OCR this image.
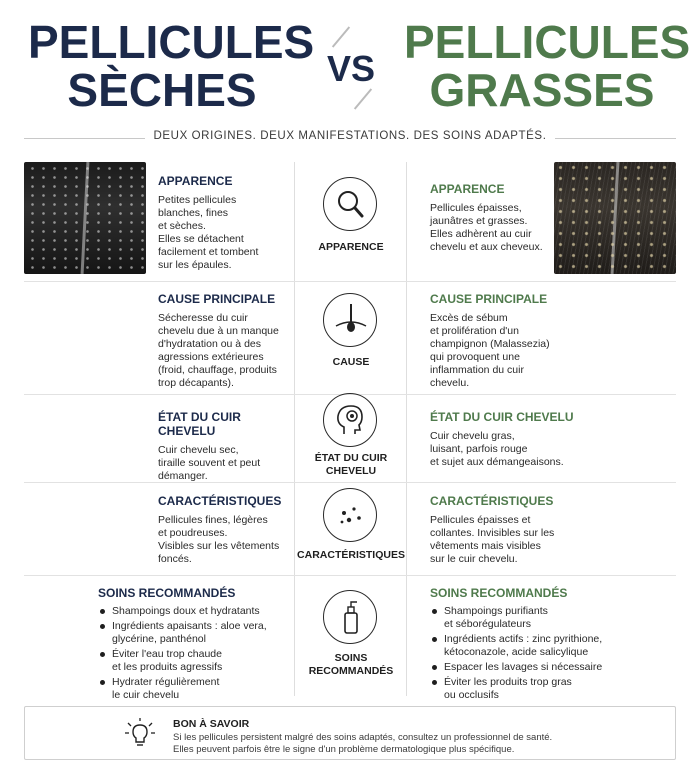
PELLICULES
SÈCHES	VS
PELLICULES
GRASSES
DEUX ORIGINES. DEUX MANIFESTATIONS. DES SOINS ADAPTÉS.
APPARENCE
Petites pellicules
blanches, fines
et sèches.
Elles se détachent
facilement et tombent
sur les épaules.
APPARENCE
APPARENCE
Pellicules épaisses,
jaunâtres et grasses.
Elles adhèrent au cuir
chevelu et aux cheveux.
CAUSE PRINCIPALE
Sécheresse du cuir
chevelu due à un manque
d'hydratation ou à des
agressions extérieures
(froid, chauffage, produits
trop décapants).
CAUSE
CAUSE PRINCIPALE
Excès de sébum
et prolifération d'un
champignon (Malassezia)
qui provoquent une
inflammation du cuir
chevelu.
ÉTAT DU CUIR CHEVELU
Cuir chevelu sec,
tiraille souvent et peut
démanger.
ÉTAT DU CUIR
CHEVELU
ÉTAT DU CUIR CHEVELU
Cuir chevelu gras,
luisant, parfois rouge
et sujet aux démangeaisons.
CARACTÉRISTIQUES
Pellicules fines, légères
et poudreuses.
Visibles sur les vêtements
foncés.	CARACTÉRISTIQUES
CARACTÉRISTIQUES
Pellicules épaisses et
collantes. Invisibles sur les
vêtements mais visibles
sur le cuir chevelu.
SOINS RECOMMANDÉS
Shampoings doux et hydratants
Ingrédients apaisants : aloe vera,
glycérine, panthénol
Éviter l'eau trop chaude
et les produits agressifs
Hydrater régulièrement
le cuir chevelu
SOINS RECOMMANDÉS
SOINS RECOMMANDÉS
Shampoings purifiants
et séborégulateurs
Ingrédients actifs : zinc pyrithione,
kétoconazole, acide salicylique
Espacer les lavages si nécessaire
Éviter les produits trop gras
ou occlusifs
BON À SAVOIR
Si les pellicules persistent malgré des soins adaptés, consultez un professionnel de santé.
Elles peuvent parfois être le signe d'un problème dermatologique plus spécifique.
